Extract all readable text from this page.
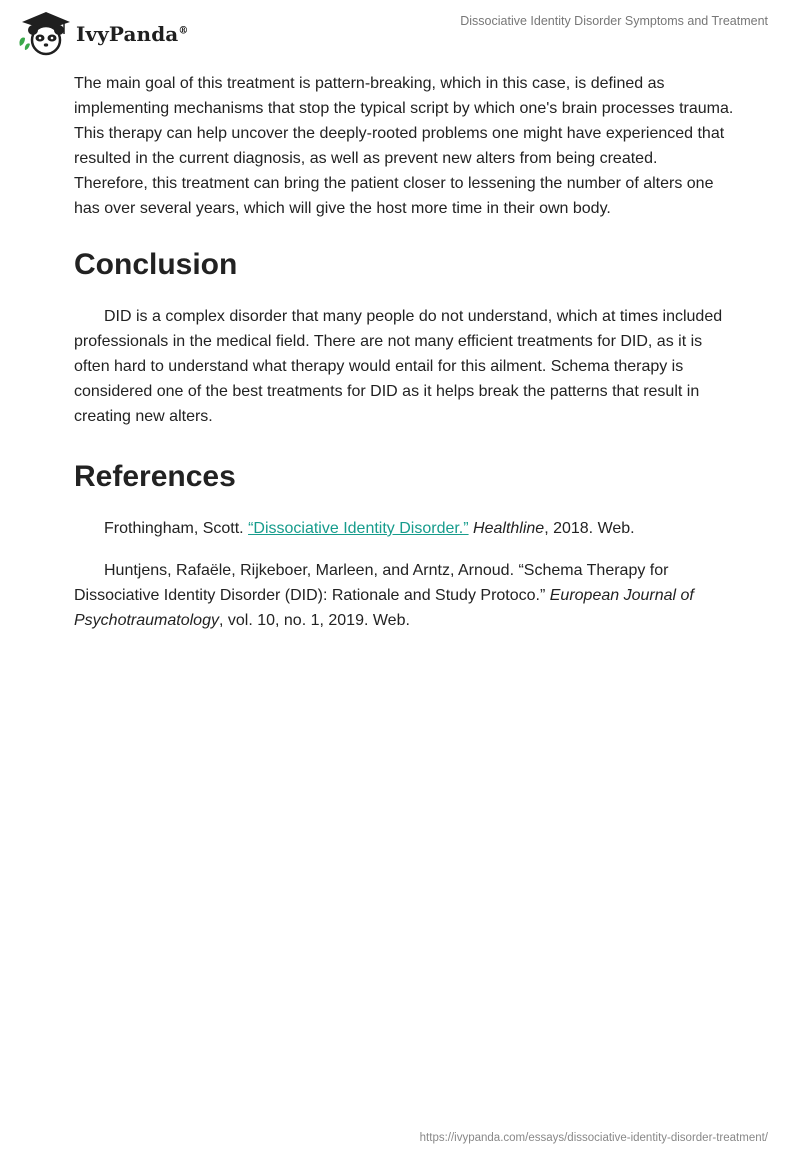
IvyPanda®
Dissociative Identity Disorder Symptoms and Treatment

The main goal of this treatment is pattern-breaking, which in this case, is defined as implementing mechanisms that stop the typical script by which one's brain processes trauma. This therapy can help uncover the deeply-rooted problems one might have experienced that resulted in the current diagnosis, as well as prevent new alters from being created. Therefore, this treatment can bring the patient closer to lessening the number of alters one has over several years, which will give the host more time in their own body.

Conclusion

DID is a complex disorder that many people do not understand, which at times included professionals in the medical field. There are not many efficient treatments for DID, as it is often hard to understand what therapy would entail for this ailment. Schema therapy is considered one of the best treatments for DID as it helps break the patterns that result in creating new alters.

References

Frothingham, Scott. “Dissociative Identity Disorder.” Healthline, 2018. Web.

Huntjens, Rafaële, Rijkeboer, Marleen, and Arntz, Arnoud. “Schema Therapy for Dissociative Identity Disorder (DID): Rationale and Study Protoco.” European Journal of Psychotraumatology, vol. 10, no. 1, 2019. Web.

https://ivypanda.com/essays/dissociative-identity-disorder-treatment/
